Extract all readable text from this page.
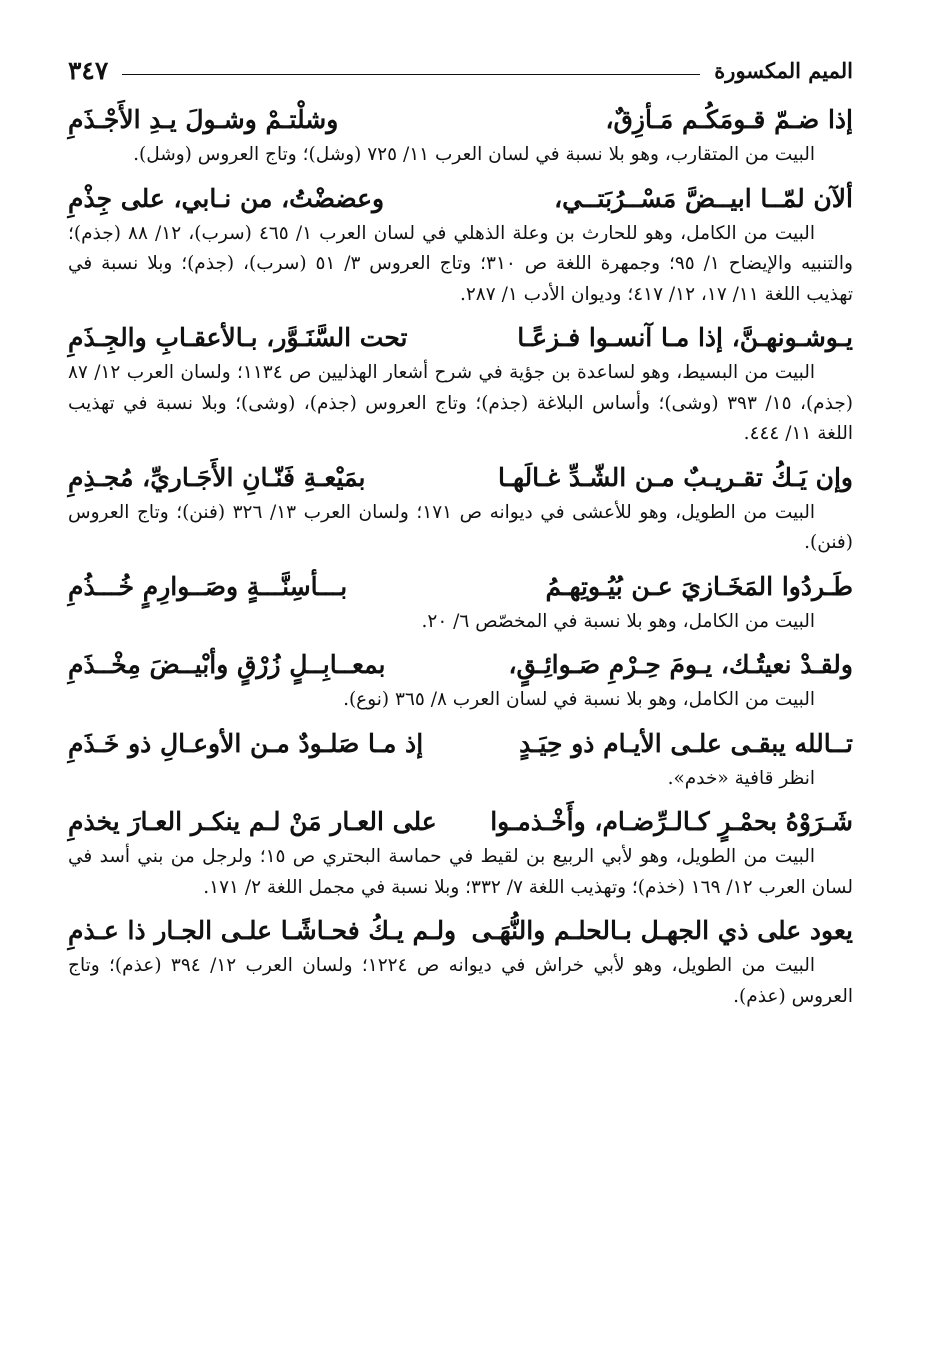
الميم المكسورة
٣٤٧
إذا ضـمّ قـومَكُـم مَـأزِقٌ،
وشلْتـمْ وشـولَ يـدِ الأَجْـذَمِ
البيت من المتقارب، وهو بلا نسبة في لسان العرب ١١/ ٧٢٥ (وشل)؛ وتاج العروس (وشل).
ألآن لمّــا ابيــضَّ مَسْــرُبَتــي،
وعضضْتُ، من نـابي، على جِذْمِ
البيت من الكامل، وهو للحارث بن وعلة الذهلي في لسان العرب ١/ ٤٦٥ (سرب)، ١٢/ ٨٨ (جذم)؛ والتنبيه والإيضاح ١/ ٩٥؛ وجمهرة اللغة ص ٣١٠؛ وتاج العروس ٣/ ٥١ (سرب)، (جذم)؛ وبلا نسبة في تهذيب اللغة ١١/ ١٧، ١٢/ ٤١٧؛ وديوان الأدب ١/ ٢٨٧.
يـوشـونهـنَّ، إذا مـا آنسـوا فـزعًـا
تحت السَّنَـوَّر، بـالأعقـابِ والجِـذَمِ
البيت من البسيط، وهو لساعدة بن جؤية في شرح أشعار الهذليين ص ١١٣٤؛ ولسان العرب ١٢/ ٨٧ (جذم)، ١٥/ ٣٩٣ (وشى)؛ وأساس البلاغة (جذم)؛ وتاج العروس (جذم)، (وشى)؛ وبلا نسبة في تهذيب اللغة ١١/ ٤٤٤.
وإن يَـكُ تقـريـبٌ مـن الشّـدِّ غـالَهـا
بمَيْعـةِ فَنّـانِ الأَجَـاريِّ، مُجـذِمِ
البيت من الطويل، وهو للأعشى في ديوانه ص ١٧١؛ ولسان العرب ١٣/ ٣٢٦ (فنن)؛ وتاج العروس (فنن).
طَـردُوا المَخَـازيَ عـن بُيُـوتِهـمُ
بـــأسِنَّـــةٍ وصَــوارِمٍ خُـــذُمِ
البيت من الكامل، وهو بلا نسبة في المخصّص ٦/ ٢٠.
ولقـدْ نعيتُـك، يـومَ حِـرْمِ صَـوائِـقٍ،
بمعــابِــلٍ زُرْقٍ وأبْيــضَ مِخْــذَمِ
البيت من الكامل، وهو بلا نسبة في لسان العرب ٨/ ٣٦٥ (نوع).
تــالله يبقـى علـى الأيـام ذو حِيَـدٍ
إذ مـا صَلـودٌ مـن الأوعـالِ ذو خَـذَمِ
انظر قافية «خدم».
شَـرَوْهُ بحمْـرٍ كـالـرِّضـام، وأَخْـذمـوا
على العـار مَنْ لـم ينكـر العـارَ يخذمِ
البيت من الطويل، وهو لأبي الربيع بن لقيط في حماسة البحتري ص ١٥؛ ولرجل من بني أسد في لسان العرب ١٢/ ١٦٩ (خذم)؛ وتهذيب اللغة ٧/ ٣٣٢؛ وبلا نسبة في مجمل اللغة ٢/ ١٧١.
يعود على ذي الجهـل بـالحلـم والنُّهَـى
ولـم يـكُ فحـاشًـا علـى الجـار ذا عـذمِ
البيت من الطويل، وهو لأبي خراش في ديوانه ص ١٢٢٤؛ ولسان العرب ١٢/ ٣٩٤ (عذم)؛ وتاج العروس (عذم).
